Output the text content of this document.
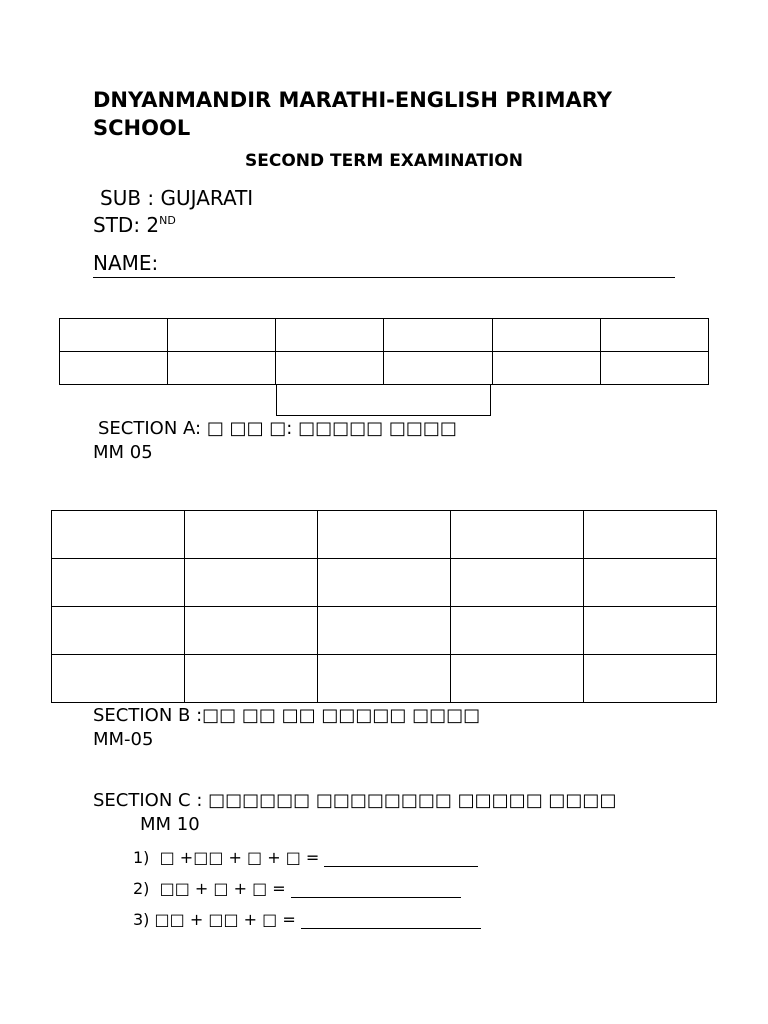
DNYANMANDIR MARATHI-ENGLISH PRIMARY SCHOOL
SECOND TERM EXAMINATION
SUB : GUJARATI
STD: 2ND
NAME:

SECTION A: □ □□ □: □□□□□ □□□□
MM 05

SECTION B :□□ □□ □□ □□□□□ □□□□
MM-05
SECTION C : □□□□□□ □□□□□□□□ □□□□□ □□□□
MM 10
1) □ +□□ + □ + □ =
2) □□ + □ + □ =
3) □□ + □□ + □ =
